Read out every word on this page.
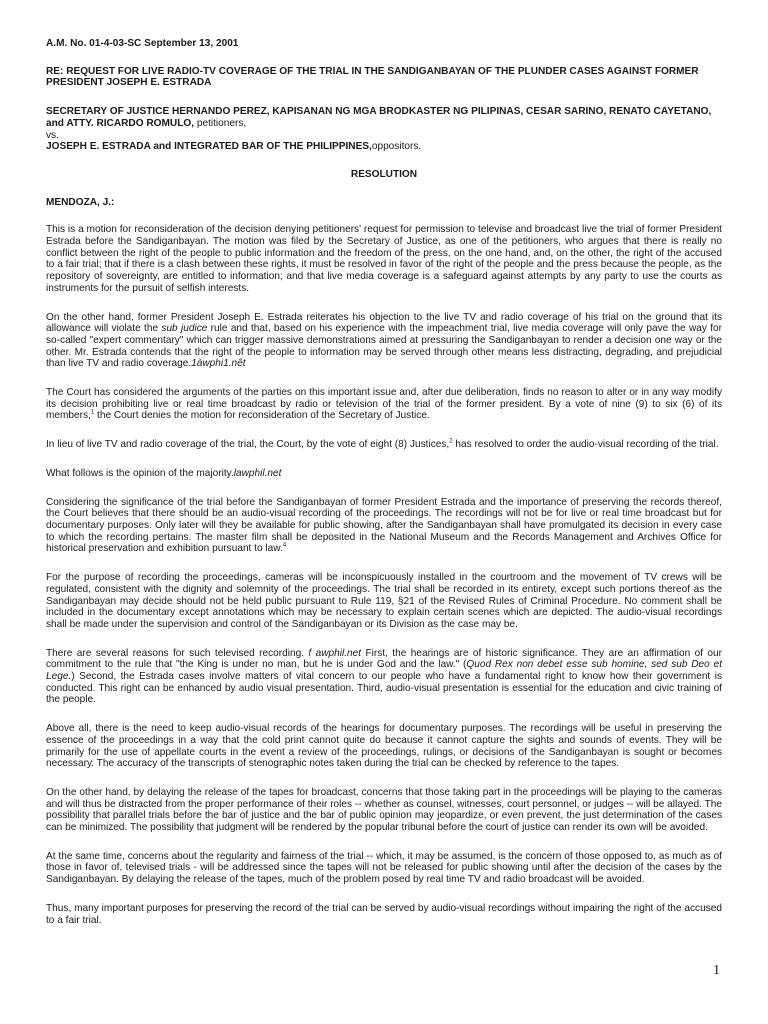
A.M. No. 01-4-03-SC September 13, 2001
RE: REQUEST FOR LIVE RADIO-TV COVERAGE OF THE TRIAL IN THE SANDIGANBAYAN OF THE PLUNDER CASES AGAINST FORMER PRESIDENT JOSEPH E. ESTRADA
SECRETARY OF JUSTICE HERNANDO PEREZ, KAPISANAN NG MGA BRODKASTER NG PILIPINAS, CESAR SARINO, RENATO CAYETANO, and ATTY. RICARDO ROMULO, petitioners,
vs.
JOSEPH E. ESTRADA and INTEGRATED BAR OF THE PHILIPPINES,oppositors.
RESOLUTION
MENDOZA, J.:

This is a motion for reconsideration of the decision denying petitioners' request for permission to televise and broadcast live the trial of former President Estrada before the Sandiganbayan. The motion was filed by the Secretary of Justice, as one of the petitioners, who argues that there is really no conflict between the right of the people to public information and the freedom of the press, on the one hand, and, on the other, the right of the accused to a fair trial; that if there is a clash between these rights, it must be resolved in favor of the right of the people and the press because the people, as the repository of sovereignty, are entitled to information; and that live media coverage is a safeguard against attempts by any party to use the courts as instruments for the pursuit of selfish interests.

On the other hand, former President Joseph E. Estrada reiterates his objection to the live TV and radio coverage of his trial on the ground that its allowance will violate the sub judice rule and that, based on his experience with the impeachment trial, live media coverage will only pave the way for so-called "expert commentary" which can trigger massive demonstrations aimed at pressuring the Sandiganbayan to render a decision one way or the other. Mr. Estrada contends that the right of the people to information may be served through other means less distracting, degrading, and prejudicial than live TV and radio coverage.1àwphi1.nêt

The Court has considered the arguments of the parties on this important issue and, after due deliberation, finds no reason to alter or in any way modify its decision prohibiting live or real time broadcast by radio or television of the trial of the former president. By a vote of nine (9) to six (6) of its members,$^1$ the Court denies the motion for reconsideration of the Secretary of Justice.

In lieu of live TV and radio coverage of the trial, the Court, by the vote of eight (8) Justices,$^2$ has resolved to order the audio-visual recording of the trial.

What follows is the opinion of the majority.lawphil.net

Considering the significance of the trial before the Sandiganbayan of former President Estrada and the importance of preserving the records thereof, the Court believes that there should be an audio-visual recording of the proceedings. The recordings will not be for live or real time broadcast but for documentary purposes. Only later will they be available for public showing, after the Sandiganbayan shall have promulgated its decision in every case to which the recording pertains. The master film shall be deposited in the National Museum and the Records Management and Archives Office for historical preservation and exhibition pursuant to law.$^4$

For the purpose of recording the proceedings, cameras will be inconspicuously installed in the courtroom and the movement of TV crews will be regulated, consistent with the dignity and solemnity of the proceedings. The trial shall be recorded in its entirety, except such portions thereof as the Sandiganbayan may decide should not be held public pursuant to Rule 119, §21 of the Revised Rules of Criminal Procedure. No comment shall be included in the documentary except annotations which may be necessary to explain certain scenes which are depicted. The audio-visual recordings shall be made under the supervision and control of the Sandiganbayan or its Division as the case may be.

There are several reasons for such televised recording. f awphil.net First, the hearings are of historic significance. They are an affirmation of our commitment to the rule that "the King is under no man, but he is under God and the law." (Quod Rex non debet esse sub homine, sed sub Deo et Lege.) Second, the Estrada cases involve matters of vital concern to our people who have a fundamental right to know how their government is conducted. This right can be enhanced by audio visual presentation. Third, audio-visual presentation is essential for the education and civic training of the people.

Above all, there is the need to keep audio-visual records of the hearings for documentary purposes. The recordings will be useful in preserving the essence of the proceedings in a way that the cold print cannot quite do because it cannot capture the sights and sounds of events. They will be primarily for the use of appellate courts in the event a review of the proceedings, rulings, or decisions of the Sandiganbayan is sought or becomes necessary. The accuracy of the transcripts of stenographic notes taken during the trial can be checked by reference to the tapes.

On the other hand, by delaying the release of the tapes for broadcast, concerns that those taking part in the proceedings will be playing to the cameras and will thus be distracted from the proper performance of their roles -- whether as counsel, witnesses, court personnel, or judges -- will be allayed. The possibility that parallel trials before the bar of justice and the bar of public opinion may jeopardize, or even prevent, the just determination of the cases can be minimized. The possibility that judgment will be rendered by the popular tribunal before the court of justice can render its own will be avoided.

At the same time, concerns about the regularity and fairness of the trial -- which, it may be assumed, is the concern of those opposed to, as much as of those in favor of, televised trials - will be addressed since the tapes will not be released for public showing until after the decision of the cases by the Sandiganbayan. By delaying the release of the tapes, much of the problem posed by real time TV and radio broadcast will be avoided.

Thus, many important purposes for preserving the record of the trial can be served by audio-visual recordings without impairing the right of the accused to a fair trial.

1
